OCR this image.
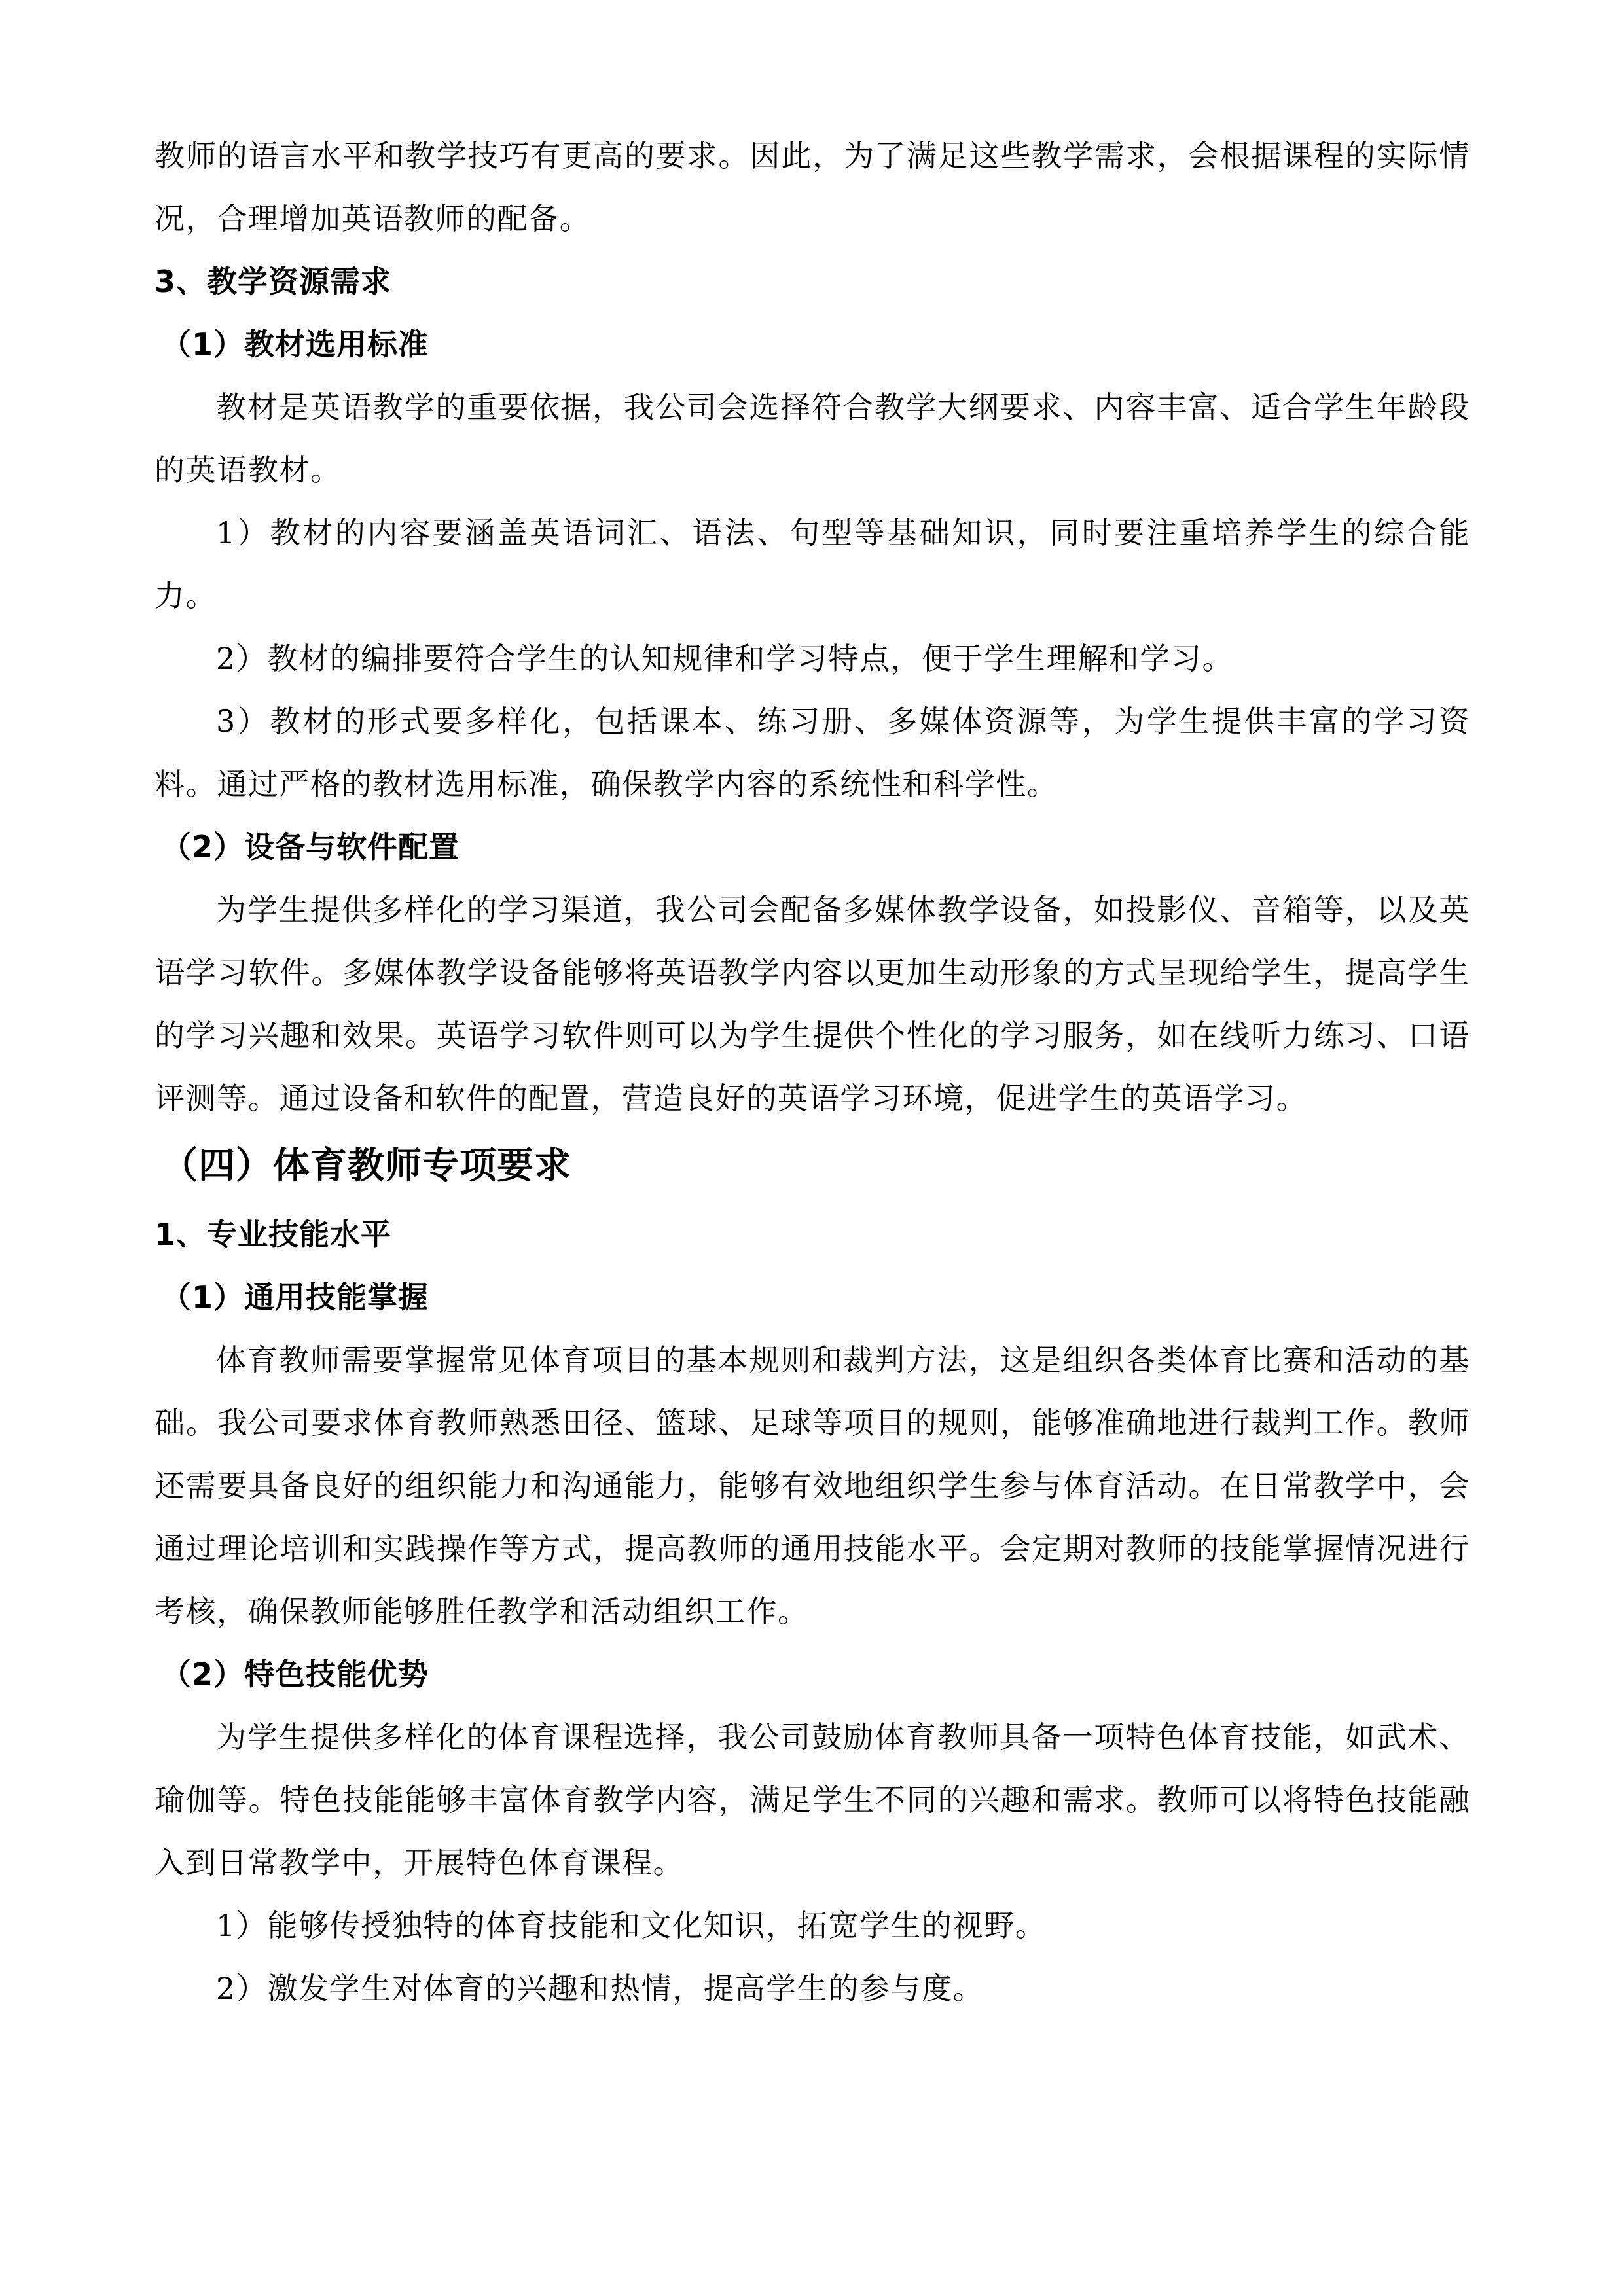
教师的语言水平和教学技巧有更高的要求。因此，为了满足这些教学需求，会根据课程的实际情况，合理增加英语教师的配备。

3、教学资源需求

（1）教材选用标准

教材是英语教学的重要依据，我公司会选择符合教学大纲要求、内容丰富、适合学生年龄段的英语教材。

1）教材的内容要涵盖英语词汇、语法、句型等基础知识，同时要注重培养学生的综合能力。

2）教材的编排要符合学生的认知规律和学习特点，便于学生理解和学习。

3）教材的形式要多样化，包括课本、练习册、多媒体资源等，为学生提供丰富的学习资料。通过严格的教材选用标准，确保教学内容的系统性和科学性。

（2）设备与软件配置

为学生提供多样化的学习渠道，我公司会配备多媒体教学设备，如投影仪、音箱等，以及英语学习软件。多媒体教学设备能够将英语教学内容以更加生动形象的方式呈现给学生，提高学生的学习兴趣和效果。英语学习软件则可以为学生提供个性化的学习服务，如在线听力练习、口语评测等。通过设备和软件的配置，营造良好的英语学习环境，促进学生的英语学习。

（四）体育教师专项要求

1、专业技能水平

（1）通用技能掌握

体育教师需要掌握常见体育项目的基本规则和裁判方法，这是组织各类体育比赛和活动的基础。我公司要求体育教师熟悉田径、篮球、足球等项目的规则，能够准确地进行裁判工作。教师还需要具备良好的组织能力和沟通能力，能够有效地组织学生参与体育活动。在日常教学中，会通过理论培训和实践操作等方式，提高教师的通用技能水平。会定期对教师的技能掌握情况进行考核，确保教师能够胜任教学和活动组织工作。

（2）特色技能优势

为学生提供多样化的体育课程选择，我公司鼓励体育教师具备一项特色体育技能，如武术、瑜伽等。特色技能能够丰富体育教学内容，满足学生不同的兴趣和需求。教师可以将特色技能融入到日常教学中，开展特色体育课程。

1）能够传授独特的体育技能和文化知识，拓宽学生的视野。

2）激发学生对体育的兴趣和热情，提高学生的参与度。
